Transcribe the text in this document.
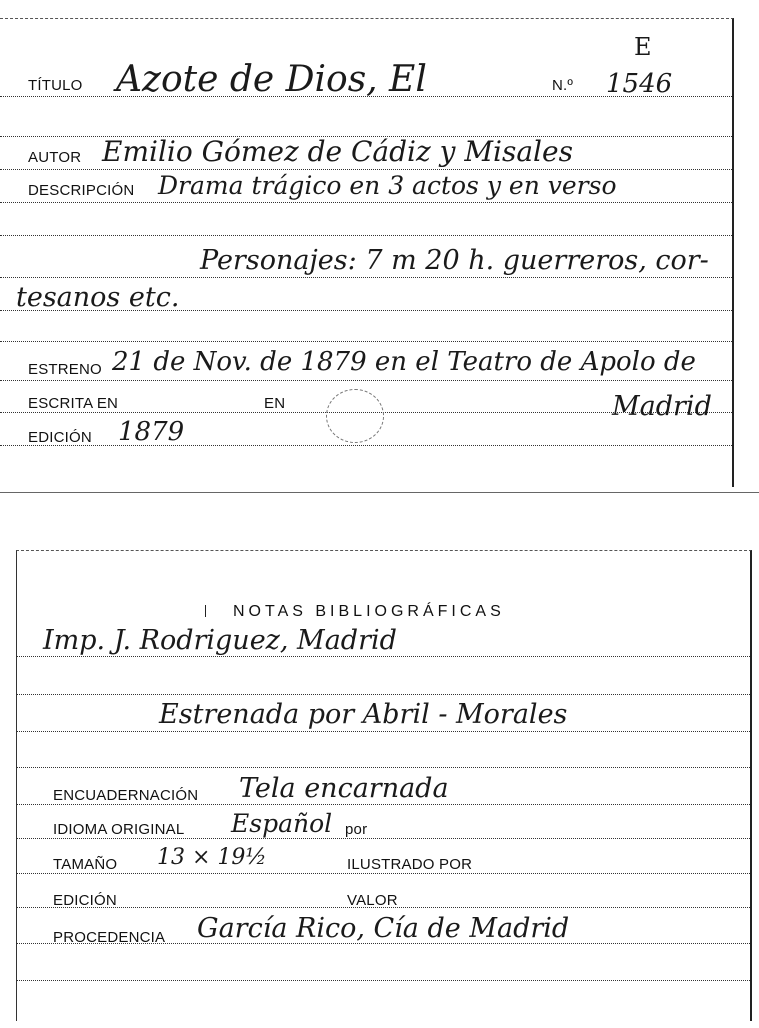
E
TÍTULO Azote de Dios, El	N.º 1546
AUTOR Emilio Gómez de Cádiz y Misales
DESCRIPCIÓN Drama trágico en 3 actos y en verso
Personajes: 7 m 20 h. guerreros, cor-
tesanos etc.
ESTRENO 21 de Nov. de 1879 en el Teatro de Apolo de
ESCRITA EN	EN	Madrid
EDICIÓN 1879
NOTAS BIBLIOGRÁFICAS
Imp. J. Rodriguez, Madrid
Estrenada por Abril - Morales
ENCUADERNACIÓN Tela encarnada
IDIOMA ORIGINAL Español por
TAMAÑO 13 × 19½	ILUSTRADO POR
EDICIÓN	VALOR
PROCEDENCIA García Rico, Cía de Madrid
